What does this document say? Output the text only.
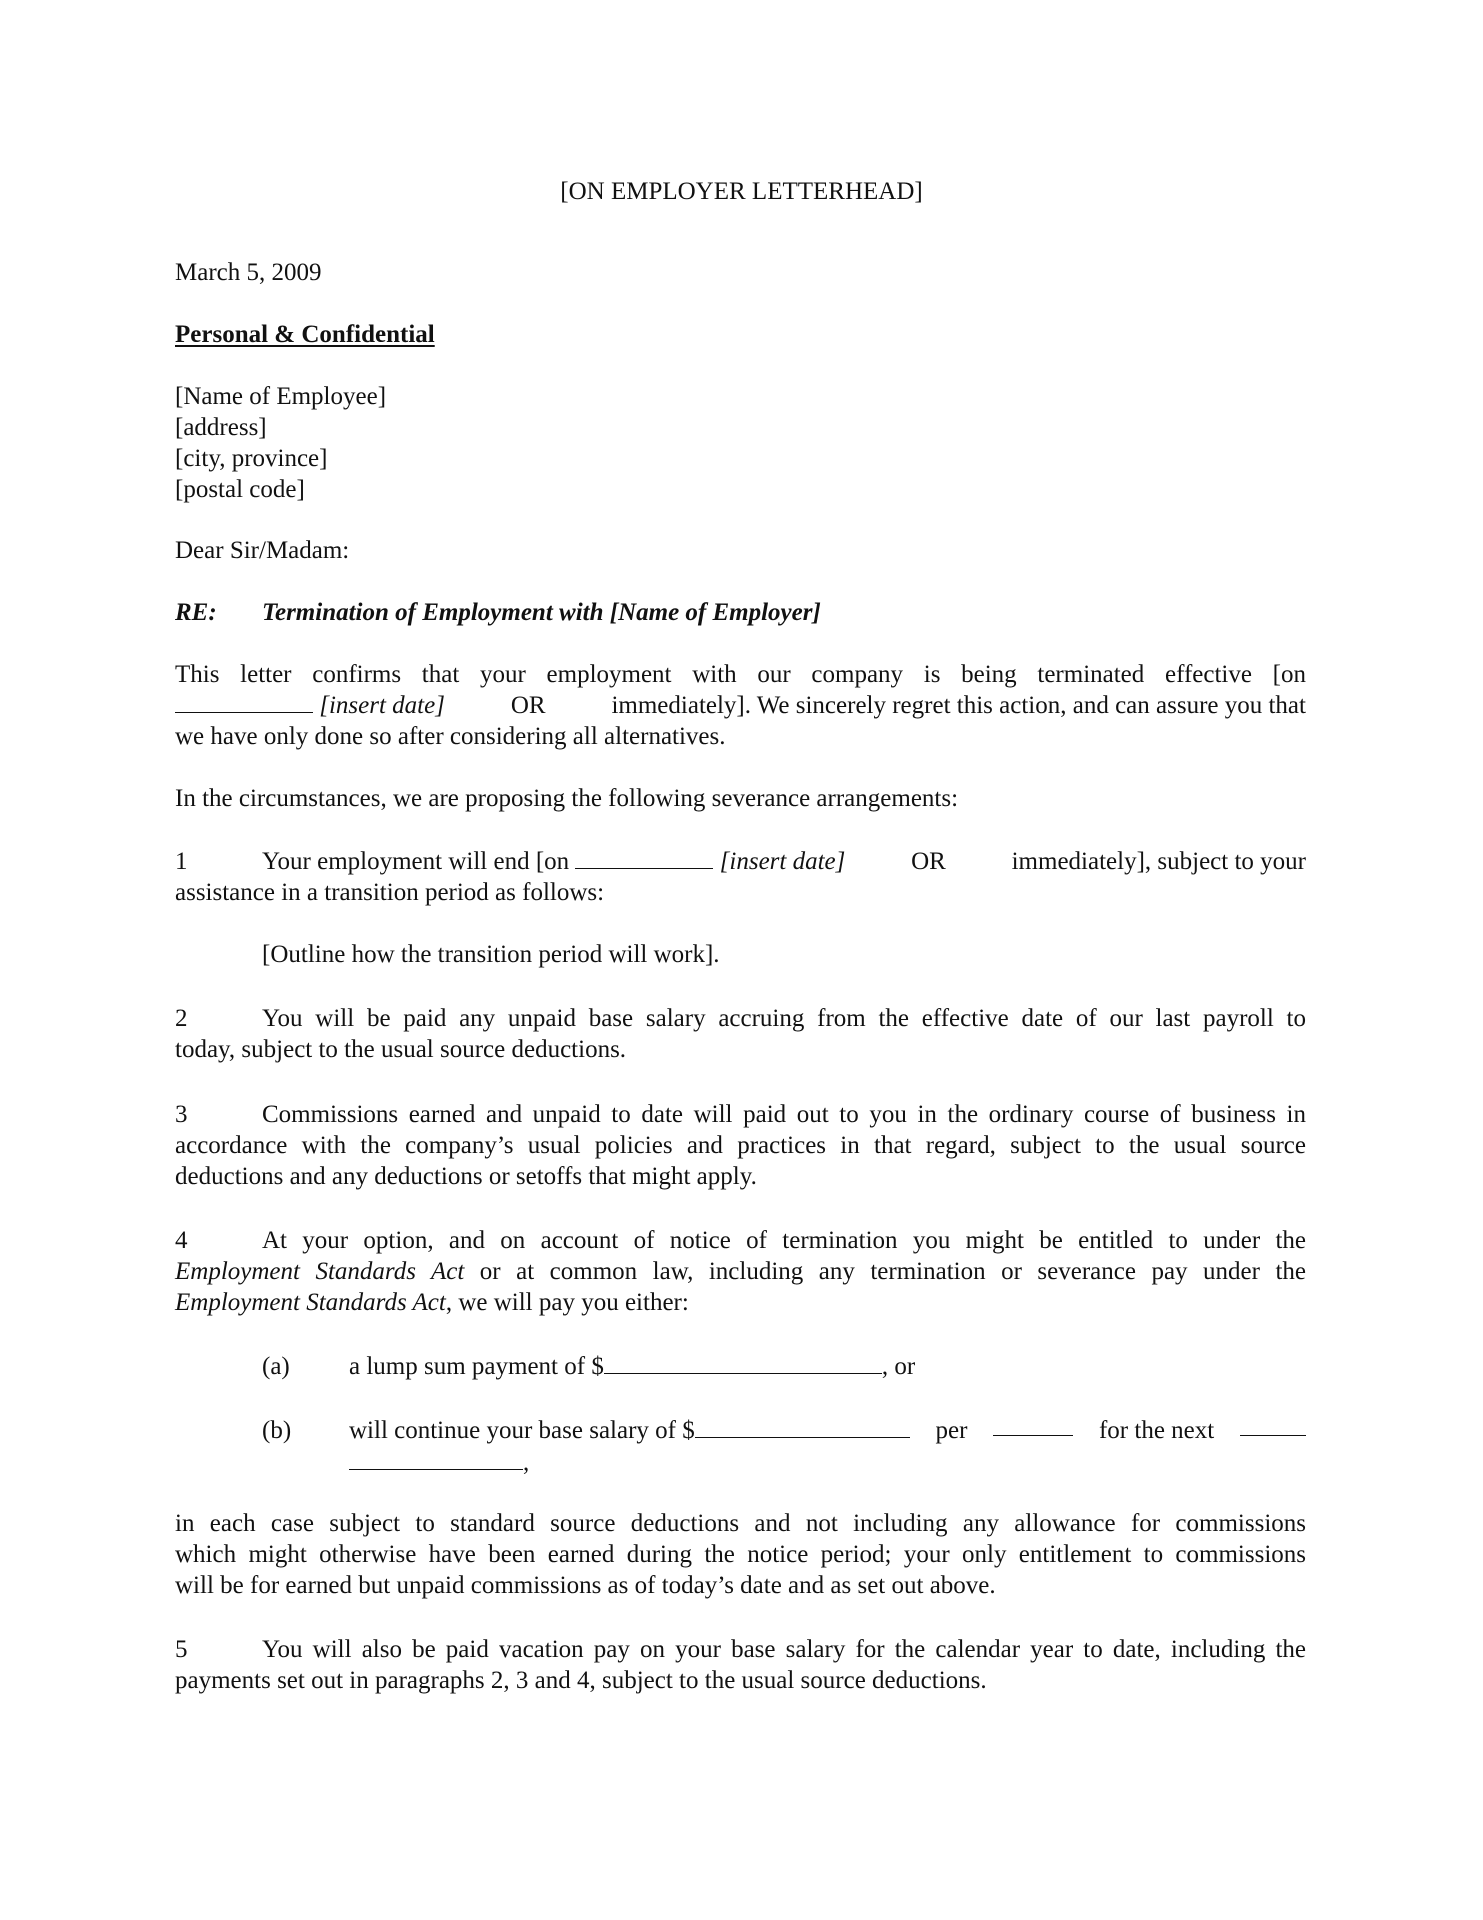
[ON EMPLOYER LETTERHEAD]
March 5, 2009
Personal & Confidential
[Name of Employee]
[address]
[city, province]
[postal code]
Dear Sir/Madam:
RE: Termination of Employment with [Name of Employer]
This letter confirms that your employment with our company is being terminated effective [on
[insert date]	OR	immediately]. We sincerely regret this action, and can assure you that
we have only done so after considering all alternatives.
In the circumstances, we are proposing the following severance arrangements:
1	Your employment will end [on	[insert date]	OR	immediately], subject to your
assistance in a transition period as follows:
[Outline how the transition period will work].
2	You will be paid any unpaid base salary accruing from the effective date of our last payroll to
today, subject to the usual source deductions.
3	Commissions earned and unpaid to date will paid out to you in the ordinary course of business in
accordance with the company’s usual policies and practices in that regard, subject to the usual source
deductions and any deductions or setoffs that might apply.
4	At your option, and on account of notice of termination you might be entitled to under the
Employment Standards Act or at common law, including any termination or severance pay under the
Employment Standards Act, we will pay you either:
(a) a lump sum payment of $	, or
(b) will continue your base salary of $	per	for the next
,
in each case subject to standard source deductions and not including any allowance for commissions
which might otherwise have been earned during the notice period; your only entitlement to commissions
will be for earned but unpaid commissions as of today’s date and as set out above.
5	You will also be paid vacation pay on your base salary for the calendar year to date, including the
payments set out in paragraphs 2, 3 and 4, subject to the usual source deductions.
